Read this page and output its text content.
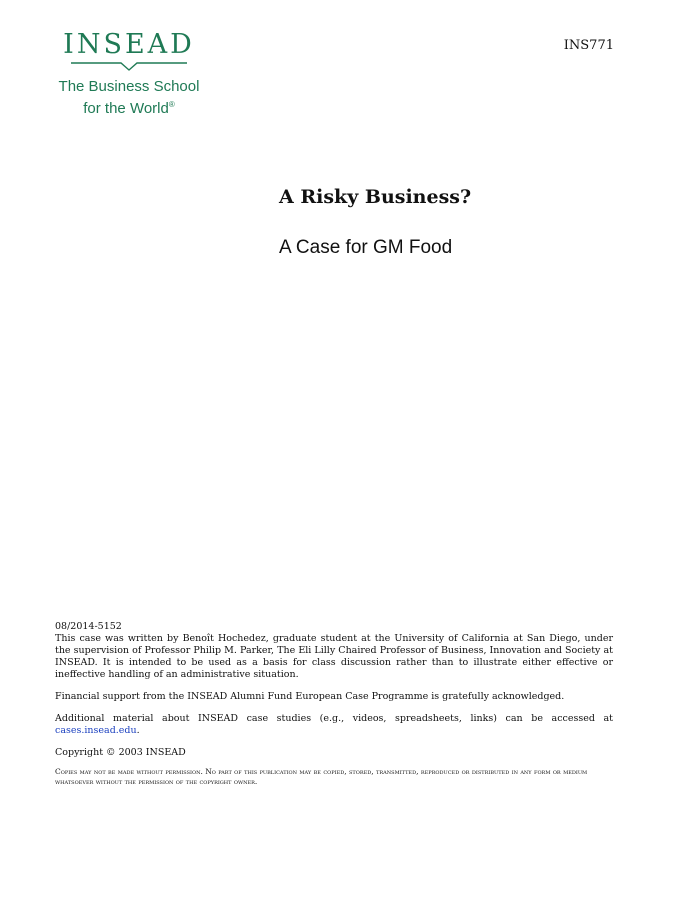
INSEAD
The Business School
for the World®
INS771
A Risky Business?
A Case for GM Food

08/2014-5152

This case was written by Benoît Hochedez, graduate student at the University of California at San Diego, under the supervision of Professor Philip M. Parker, The Eli Lilly Chaired Professor of Business, Innovation and Society at INSEAD. It is intended to be used as a basis for class discussion rather than to illustrate either effective or ineffective handling of an administrative situation.

Financial support from the INSEAD Alumni Fund European Case Programme is gratefully acknowledged.

Additional material about INSEAD case studies (e.g., videos, spreadsheets, links) can be accessed at cases.insead.edu.

Copyright © 2003 INSEAD

Copies may not be made without permission. No part of this publication may be copied, stored, transmitted, reproduced or distributed in any form or medium whatsoever without the permission of the copyright owner.
